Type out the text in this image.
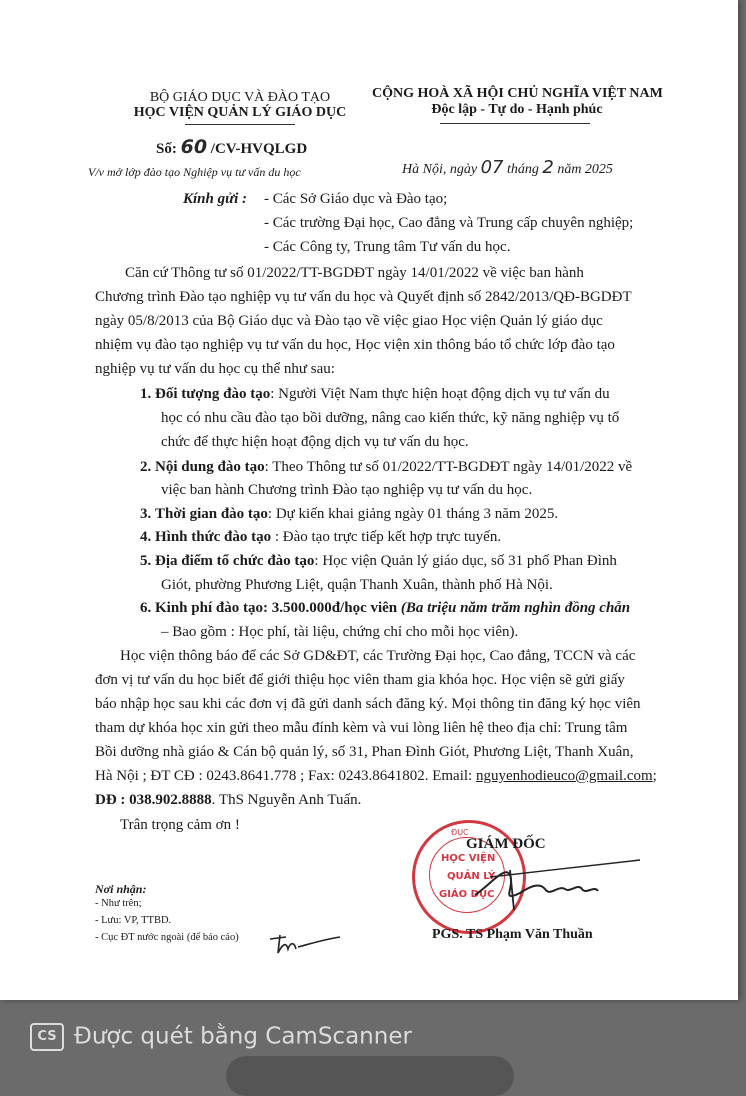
BỘ GIÁO DỤC VÀ ĐÀO TẠO
HỌC VIỆN QUẢN LÝ GIÁO DỤC
CỘNG HOÀ XÃ HỘI CHỦ NGHĨA VIỆT NAM
Độc lập - Tự do - Hạnh phúc
Số: 60 /CV-HVQLGD
V/v mở lớp đào tạo Nghiệp vụ tư vấn du học	Hà Nội, ngày 07 tháng 2 năm 2025
Kính gửi : - Các Sở Giáo dục và Đào tạo;
- Các trường Đại học, Cao đẳng và Trung cấp chuyên nghiệp;
- Các Công ty, Trung tâm Tư vấn du học.
Căn cứ Thông tư số 01/2022/TT-BGDĐT ngày 14/01/2022 về việc ban hành
Chương trình Đào tạo nghiệp vụ tư vấn du học và Quyết định số 2842/2013/QĐ-BGDĐT
ngày 05/8/2013 của Bộ Giáo dục và Đào tạo về việc giao Học viện Quản lý giáo dục
nhiệm vụ đào tạo nghiệp vụ tư vấn du học, Học viện xin thông báo tổ chức lớp đào tạo
nghiệp vụ tư vấn du học cụ thể như sau:
1. Đối tượng đào tạo: Người Việt Nam thực hiện hoạt động dịch vụ tư vấn du
học có nhu cầu đào tạo bồi dưỡng, nâng cao kiến thức, kỹ năng nghiệp vụ tổ
chức để thực hiện hoạt động dịch vụ tư vấn du học.
2. Nội dung đào tạo: Theo Thông tư số 01/2022/TT-BGDĐT ngày 14/01/2022 về
việc ban hành Chương trình Đào tạo nghiệp vụ tư vấn du học.
3. Thời gian đào tạo: Dự kiến khai giảng ngày 01 tháng 3 năm 2025.
4. Hình thức đào tạo : Đào tạo trực tiếp kết hợp trực tuyến.
5. Địa điểm tổ chức đào tạo: Học viện Quản lý giáo dục, số 31 phố Phan Đình
Giót, phường Phương Liệt, quận Thanh Xuân, thành phố Hà Nội.
6. Kinh phí đào tạo: 3.500.000đ/học viên (Ba triệu năm trăm nghìn đồng chẵn
– Bao gồm : Học phí, tài liệu, chứng chỉ cho mỗi học viên).
Học viện thông báo để các Sở GD&ĐT, các Trường Đại học, Cao đẳng, TCCN và các
đơn vị tư vấn du học biết để giới thiệu học viên tham gia khóa học. Học viện sẽ gửi giấy
báo nhập học sau khi các đơn vị đã gửi danh sách đăng ký. Mọi thông tin đăng ký học viên
tham dự khóa học xin gửi theo mẫu đính kèm và vui lòng liên hệ theo địa chỉ: Trung tâm
Bồi dưỡng nhà giáo & Cán bộ quản lý, số 31, Phan Đình Giót, Phương Liệt, Thanh Xuân,
Hà Nội ; ĐT CĐ : 0243.8641.778 ; Fax: 0243.8641802. Email: nguyenhodieuco@gmail.com;
DĐ : 038.902.8888. ThS Nguyễn Anh Tuấn.
Trân trọng cảm ơn !	ĐỤC
HỌC VIỆN
QUẢN LÝ
GIÁO DỤC
GIÁM ĐỐC
PGS. TS Phạm Văn Thuần
Nơi nhận:
- Như trên;
- Lưu: VP, TTBD.
- Cục ĐT nước ngoài (để báo cáo)
CS Được quét bằng CamScanner
